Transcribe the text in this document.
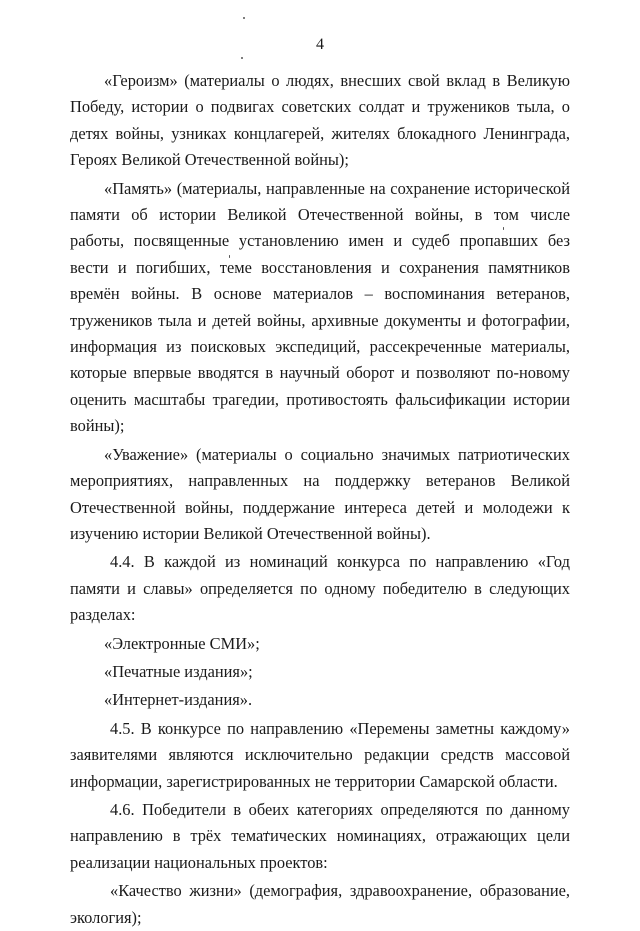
4

«Героизм» (материалы о людях, внесших свой вклад в Великую Победу, истории о подвигах советских солдат и тружеников тыла, о детях войны, узниках концлагерей, жителях блокадного Ленинграда, Героях Великой Отечественной войны);

«Память» (материалы, направленные на сохранение исторической памяти об истории Великой Отечественной войны, в том числе работы, посвященные установлению имен и судеб пропавших без вести и погибших, теме восстановления и сохранения памятников времён войны. В основе материалов – воспоминания ветеранов, тружеников тыла и детей войны, архивные документы и фотографии, информация из поисковых экспедиций, рассекреченные материалы, которые впервые вводятся в научный оборот и позволяют по-новому оценить масштабы трагедии, противостоять фальсификации истории войны);

«Уважение» (материалы о социально значимых патриотических мероприятиях, направленных на поддержку ветеранов Великой Отечественной войны, поддержание интереса детей и молодежи к изучению истории Великой Отечественной войны).

4.4. В каждой из номинаций конкурса по направлению «Год памяти и славы» определяется по одному победителю в следующих разделах:

«Электронные СМИ»;

«Печатные издания»;

«Интернет-издания».

4.5. В конкурсе по направлению «Перемены заметны каждому» заявителями являются исключительно редакции средств массовой информации, зарегистрированных не территории Самарской области.

4.6. Победители в обеих категориях определяются по данному направлению в трёх тематических номинациях, отражающих цели реализации национальных проектов:

«Качество жизни» (демография, здравоохранение, образование, экология);
